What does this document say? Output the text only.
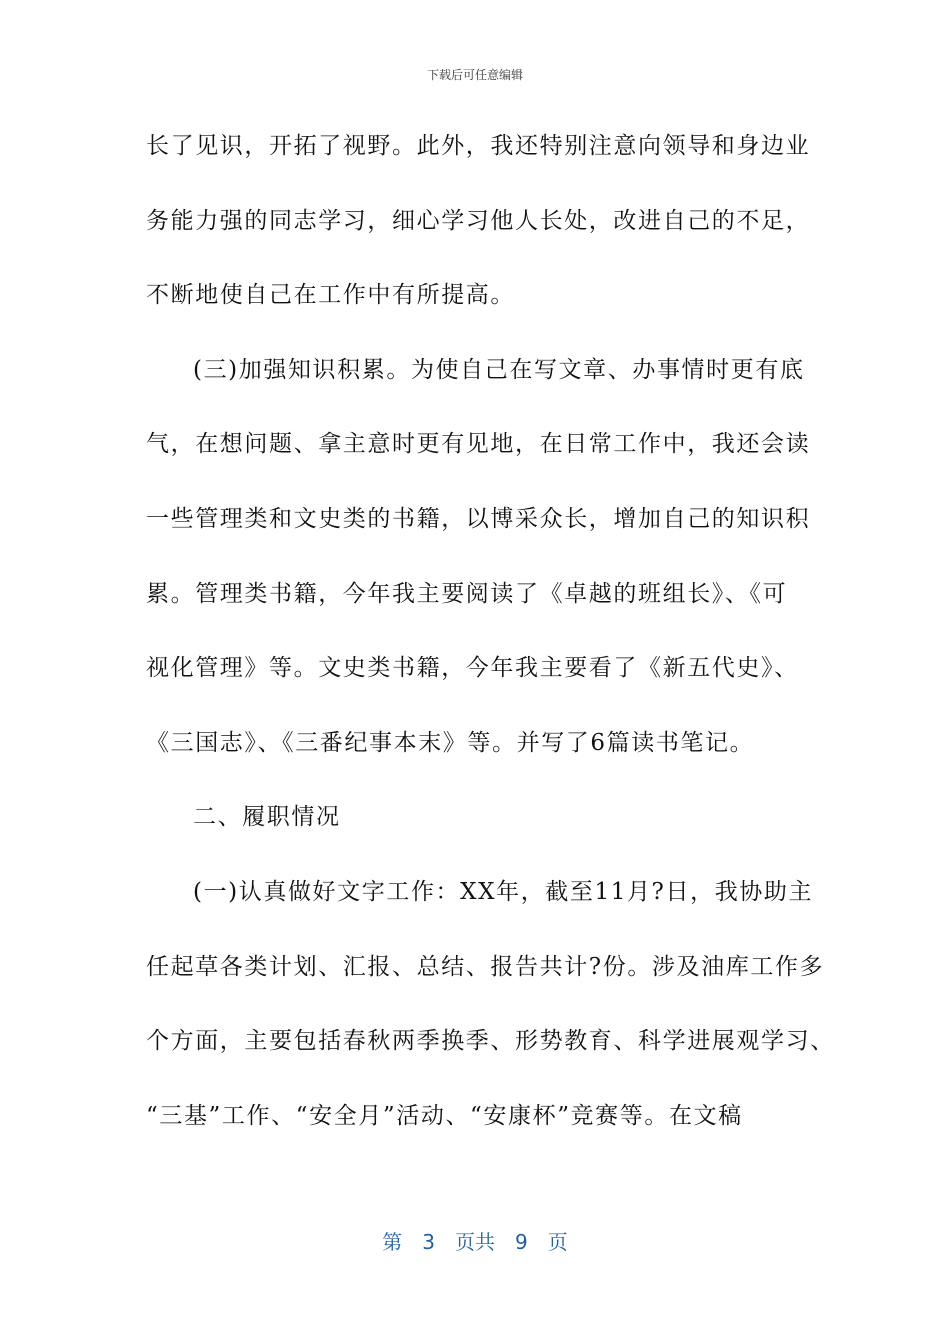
下载后可任意编辑
长了见识，开拓了视野。此外，我还特别注意向领导和身边业
务能力强的同志学习，细心学习他人长处，改进自己的不足，
不断地使自己在工作中有所提高。
(三)加强知识积累。为使自己在写文章、办事情时更有底
气，在想问题、拿主意时更有见地，在日常工作中，我还会读
一些管理类和文史类的书籍，以博采众长，增加自己的知识积
累。管理类书籍，今年我主要阅读了《卓越的班组长》、《可
视化管理》等。文史类书籍，今年我主要看了《新五代史》、
《三国志》、《三番纪事本末》等。并写了6篇读书笔记。
二、履职情况
(一)认真做好文字工作：XX年，截至11月?日，我协助主
任起草各类计划、汇报、总结、报告共计?份。涉及油库工作多
个方面，主要包括春秋两季换季、形势教育、科学进展观学习、
“三基”工作、“安全月”活动、“安康杯”竞赛等。在文稿
第 3 页共 9 页
